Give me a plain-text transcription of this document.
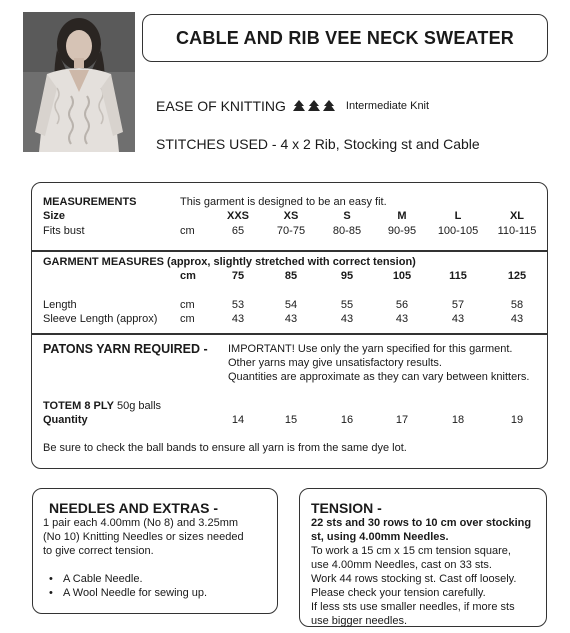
CABLE AND RIB VEE NECK SWEATER
EASE OF KNITTING	Intermediate Knit
STITCHES USED - 4 x 2 Rib, Stocking st and Cable
MEASUREMENTS	This garment is designed to be an easy fit.
Size	XXS	XS	S	M	L	XL
Fits bust	cm	65	70-75	80-85	90-95	100-105	110-115
GARMENT MEASURES (approx, slightly stretched with correct tension)
cm	75	85	95	105	115	125
Length	cm	53	54	55	56	57	58
Sleeve Length (approx) cm	43	43	43	43	43	43
PATONS YARN REQUIRED - IMPORTANT! Use only the yarn specified for this garment.
Other yarns may give unsatisfactory results.
Quantities are approximate as they can vary between knitters.
TOTEM 8 PLY 50g balls
Quantity	14	15	16	17	18	19
Be sure to check the ball bands to ensure all yarn is from the same dye lot.
NEEDLES AND EXTRAS -
1 pair each 4.00mm (No 8) and 3.25mm
(No 10) Knitting Needles or sizes needed
to give correct tension.
• A Cable Needle.
• A Wool Needle for sewing up.
TENSION -
22 sts and 30 rows to 10 cm over stocking
st, using 4.00mm Needles.
To work a 15 cm x 15 cm tension square,
use 4.00mm Needles, cast on 33 sts.
Work 44 rows stocking st. Cast off loosely.
Please check your tension carefully.
If less sts use smaller needles, if more sts
use bigger needles.
